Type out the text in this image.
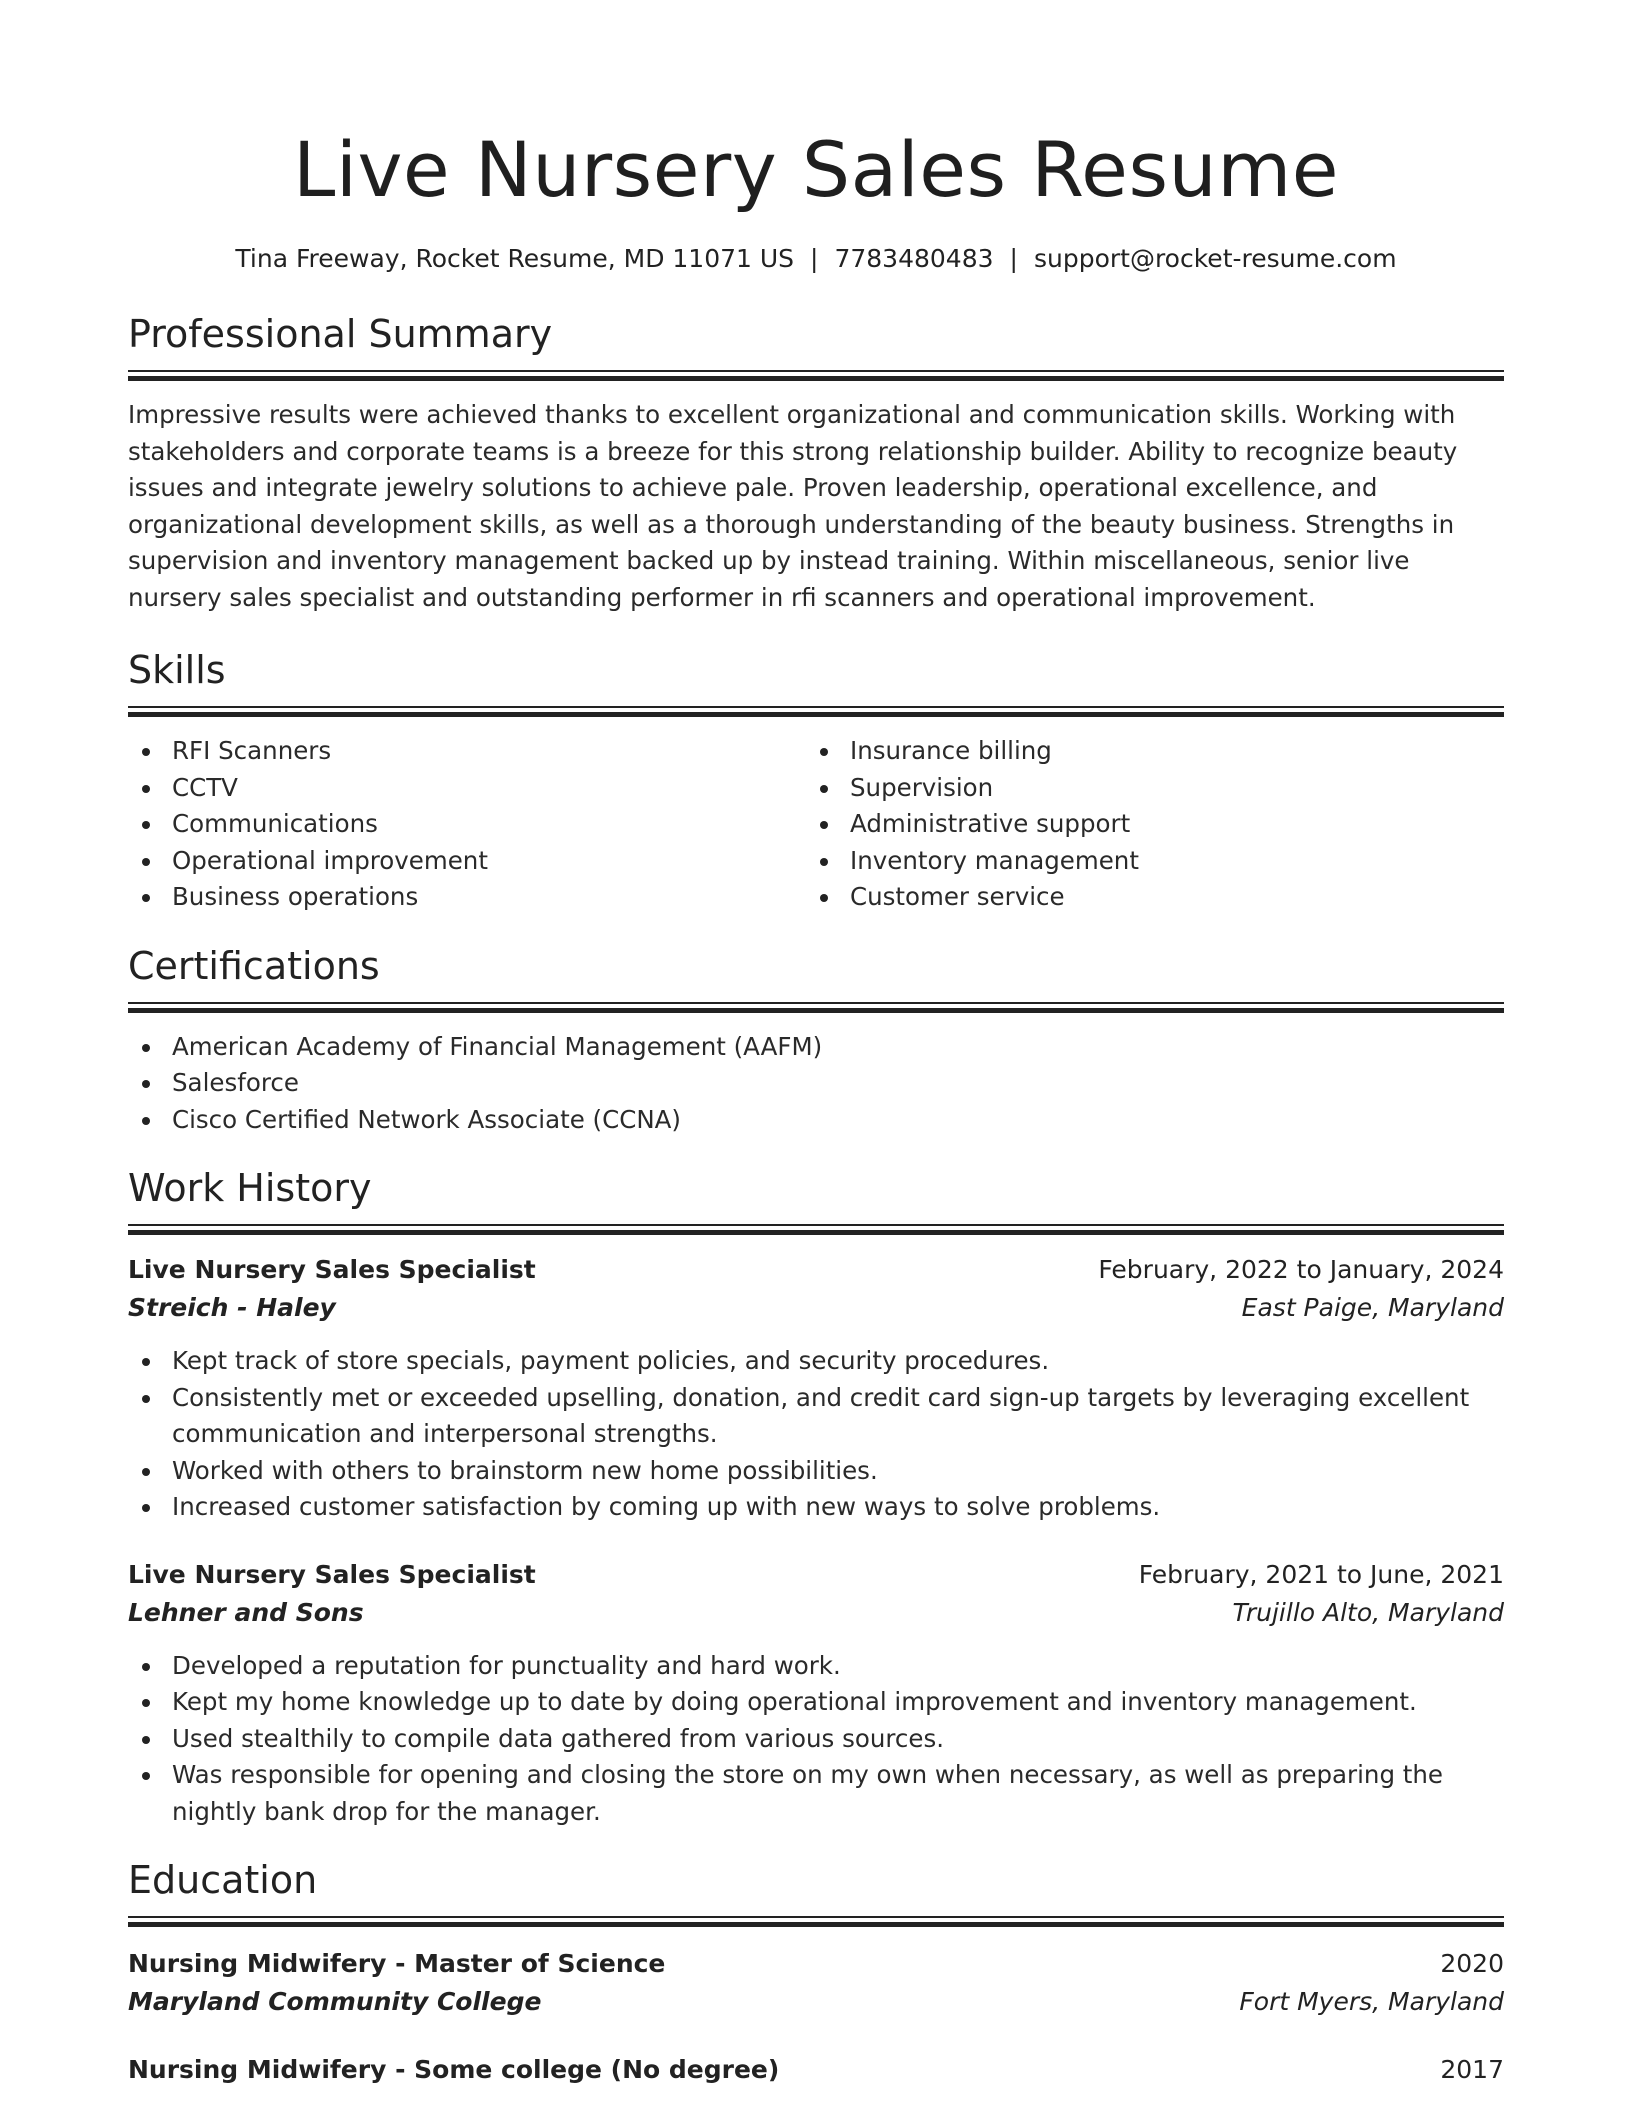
Live Nursery Sales Resume
Tina Freeway, Rocket Resume, MD 11071 US | 7783480483 | support@rocket-resume.com
Professional Summary

Impressive results were achieved thanks to excellent organizational and communication skills. Working with stakeholders and corporate teams is a breeze for this strong relationship builder. Ability to recognize beauty issues and integrate jewelry solutions to achieve pale. Proven leadership, operational excellence, and organizational development skills, as well as a thorough understanding of the beauty business. Strengths in supervision and inventory management backed up by instead training. Within miscellaneous, senior live nursery sales specialist and outstanding performer in rfi scanners and operational improvement.

Skills
RFI Scanners
CCTV
Communications
Operational improvement
Business operations
Insurance billing
Supervision
Administrative support
Inventory management
Customer service
Certifications
American Academy of Financial Management (AAFM)
Salesforce
Cisco Certified Network Associate (CCNA)
Work History
Live Nursery Sales Specialist	February, 2022 to January, 2024
Streich - Haley	East Paige, Maryland
Kept track of store specials, payment policies, and security procedures.
Consistently met or exceeded upselling, donation, and credit card sign-up targets by leveraging excellent communication and interpersonal strengths.
Worked with others to brainstorm new home possibilities.
Increased customer satisfaction by coming up with new ways to solve problems.
Live Nursery Sales Specialist	February, 2021 to June, 2021
Lehner and Sons	Trujillo Alto, Maryland
Developed a reputation for punctuality and hard work.
Kept my home knowledge up to date by doing operational improvement and inventory management.
Used stealthily to compile data gathered from various sources.
Was responsible for opening and closing the store on my own when necessary, as well as preparing the nightly bank drop for the manager.
Education
Nursing Midwifery - Master of Science	2020
Maryland Community College	Fort Myers, Maryland
Nursing Midwifery - Some college (No degree)	2017
